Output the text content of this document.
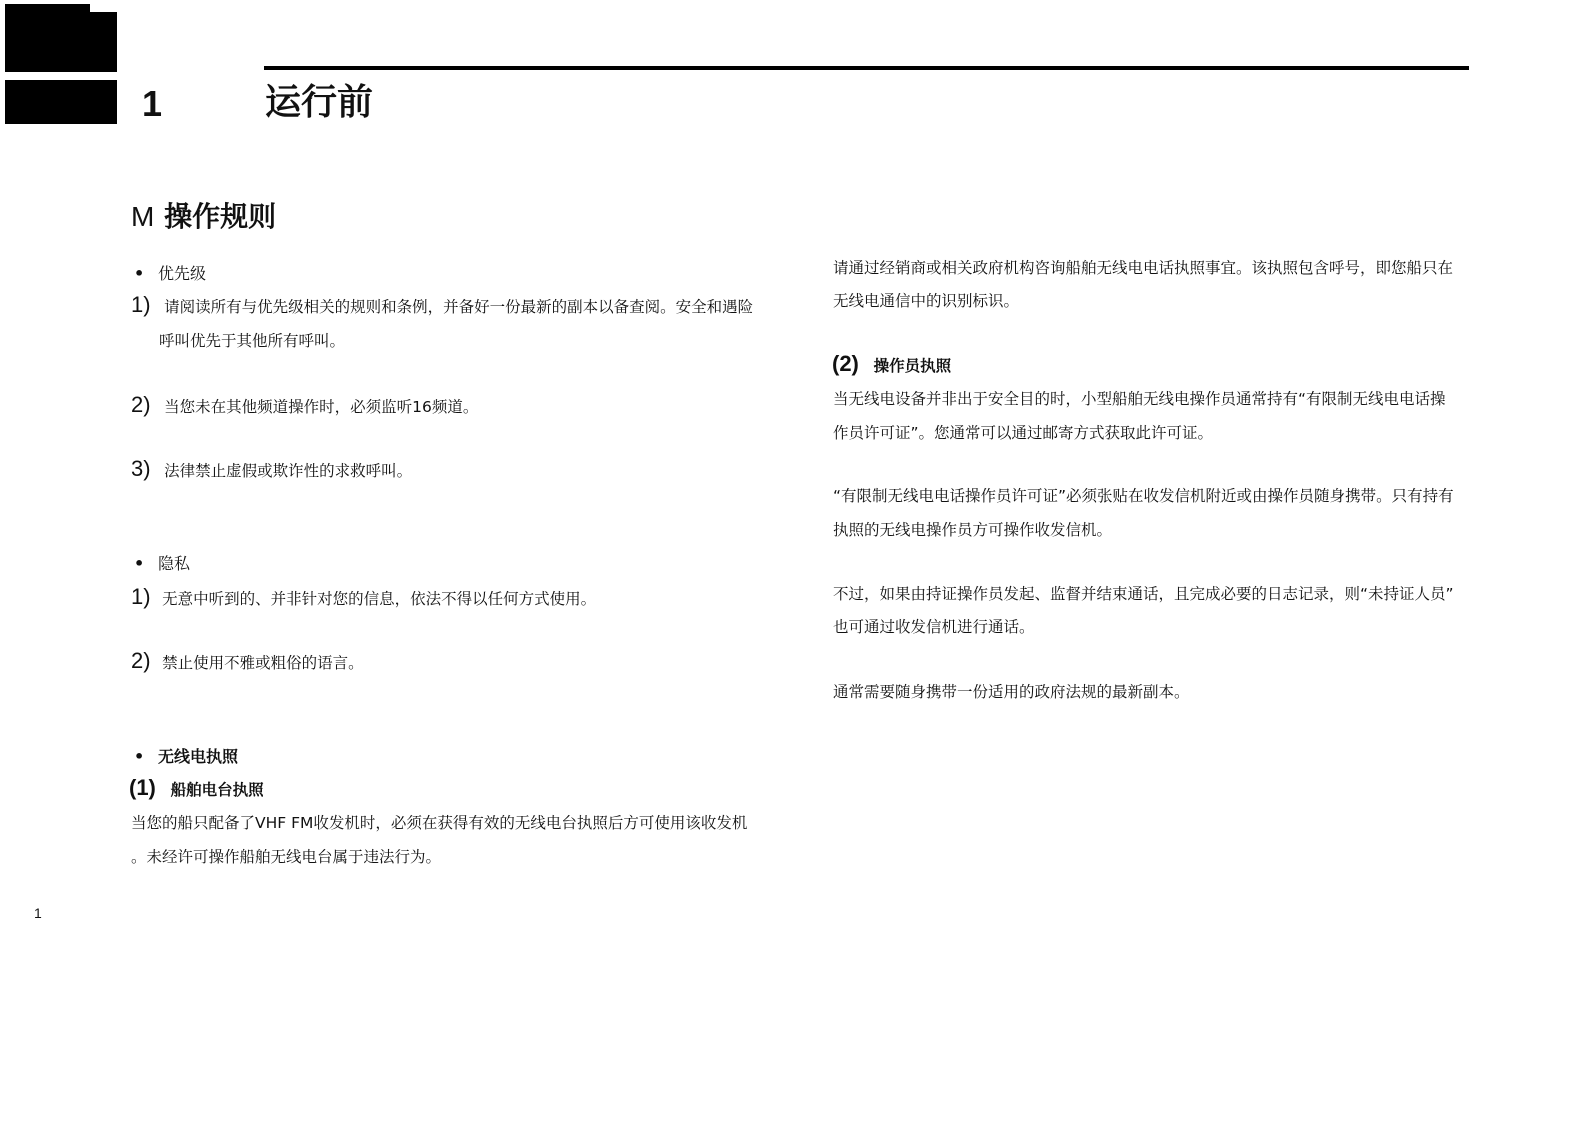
1	运行前
M 操作规则
• 优先级
1) 请阅读所有与优先级相关的规则和条例，并备好一份最新的副本以备查阅。安全和遇险
呼叫优先于其他所有呼叫。
2) 当您未在其他频道操作时，必须监听16频道。
3) 法律禁止虚假或欺诈性的求救呼叫。
• 隐私
1) 无意中听到的、并非针对您的信息，依法不得以任何方式使用。
2) 禁止使用不雅或粗俗的语言。
• 无线电执照
(1) 船舶电台执照
当您的船只配备了VHF FM收发机时，必须在获得有效的无线电台执照后方可使用该收发机
。未经许可操作船舶无线电台属于违法行为。
1
请通过经销商或相关政府机构咨询船舶无线电电话执照事宜。该执照包含呼号，即您船只在
无线电通信中的识别标识。
(2) 操作员执照
当无线电设备并非出于安全目的时，小型船舶无线电操作员通常持有“有限制无线电电话操
作员许可证”。您通常可以通过邮寄方式获取此许可证。
“有限制无线电电话操作员许可证”必须张贴在收发信机附近或由操作员随身携带。只有持有
执照的无线电操作员方可操作收发信机。
不过，如果由持证操作员发起、监督并结束通话，且完成必要的日志记录，则“未持证人员”
也可通过收发信机进行通话。
通常需要随身携带一份适用的政府法规的最新副本。
